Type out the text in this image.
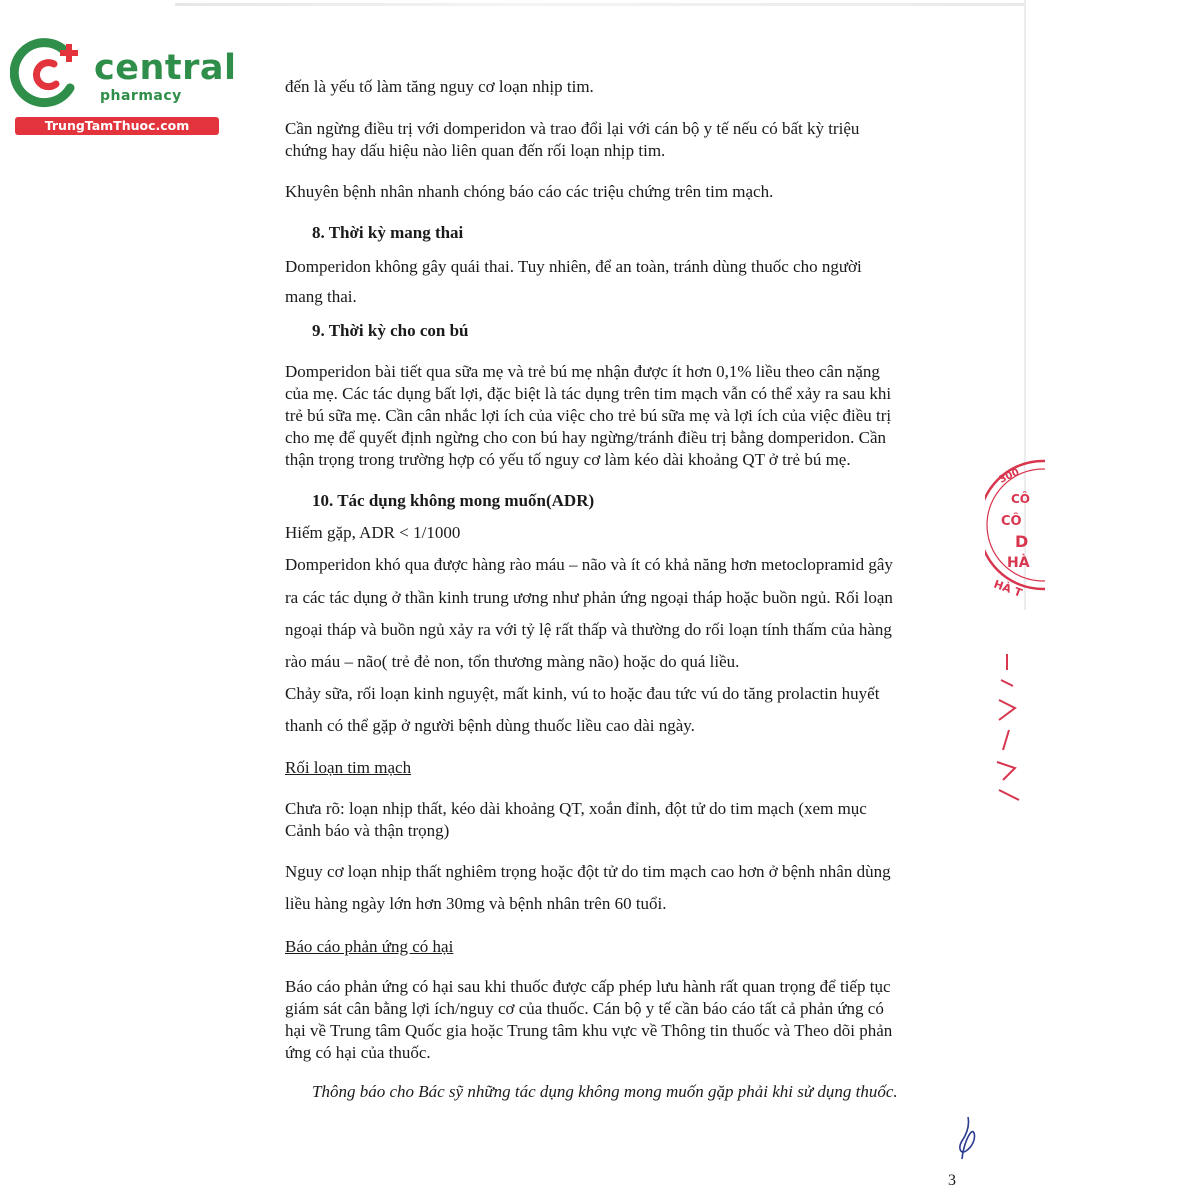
central
pharmacy
TrungTamThuoc.com

đến là yếu tố làm tăng nguy cơ loạn nhịp tim.

Cần ngừng điều trị với domperidon và trao đổi lại với cán bộ y tế nếu có bất kỳ triệu

chứng hay dấu hiệu nào liên quan đến rối loạn nhịp tim.

Khuyên bệnh nhân nhanh chóng báo cáo các triệu chứng trên tim mạch.

8. Thời kỳ mang thai

Domperidon không gây quái thai. Tuy nhiên, để an toàn, tránh dùng thuốc cho người

mang thai.

9. Thời kỳ cho con bú

Domperidon bài tiết qua sữa mẹ và trẻ bú mẹ nhận được ít hơn 0,1% liều theo cân nặng

của mẹ. Các tác dụng bất lợi, đặc biệt là tác dụng trên tim mạch vẫn có thể xảy ra sau khi

trẻ bú sữa mẹ. Cần cân nhắc lợi ích của việc cho trẻ bú sữa mẹ và lợi ích của việc điều trị

cho mẹ để quyết định ngừng cho con bú hay ngừng/tránh điều trị bằng domperidon. Cần

thận trọng trong trường hợp có yếu tố nguy cơ làm kéo dài khoảng QT ở trẻ bú mẹ.

10. Tác dụng không mong muốn(ADR)

Hiếm gặp, ADR < 1/1000

Domperidon khó qua được hàng rào máu – não và ít có khả năng hơn metoclopramid gây

ra các tác dụng ở thần kinh trung ương như phản ứng ngoại tháp hoặc buồn ngủ. Rối loạn

ngoại tháp và buồn ngủ xảy ra với tỷ lệ rất thấp và thường do rối loạn tính thấm của hàng

rào máu – não( trẻ đẻ non, tổn thương màng não) hoặc do quá liều.

Chảy sữa, rối loạn kinh nguyệt, mất kinh, vú to hoặc đau tức vú do tăng prolactin huyết

thanh có thể gặp ở người bệnh dùng thuốc liều cao dài ngày.

Rối loạn tim mạch

Chưa rõ: loạn nhịp thất, kéo dài khoảng QT, xoắn đỉnh, đột tử do tim mạch (xem mục

Cảnh báo và thận trọng)

Nguy cơ loạn nhịp thất nghiêm trọng hoặc đột tử do tim mạch cao hơn ở bệnh nhân dùng

liều hàng ngày lớn hơn 30mg và bệnh nhân trên 60 tuổi.

Báo cáo phản ứng có hại

Báo cáo phản ứng có hại sau khi thuốc được cấp phép lưu hành rất quan trọng để tiếp tục

giám sát cân bằng lợi ích/nguy cơ của thuốc. Cán bộ y tế cần báo cáo tất cả phản ứng có

hại về Trung tâm Quốc gia hoặc Trung tâm khu vực về Thông tin thuốc và Theo dõi phản

ứng có hại của thuốc.

Thông báo cho Bác sỹ những tác dụng không mong muốn gặp phải khi sử dụng thuốc.

3
300
CÔ
CÔ
D
HÀ
HÀ T
